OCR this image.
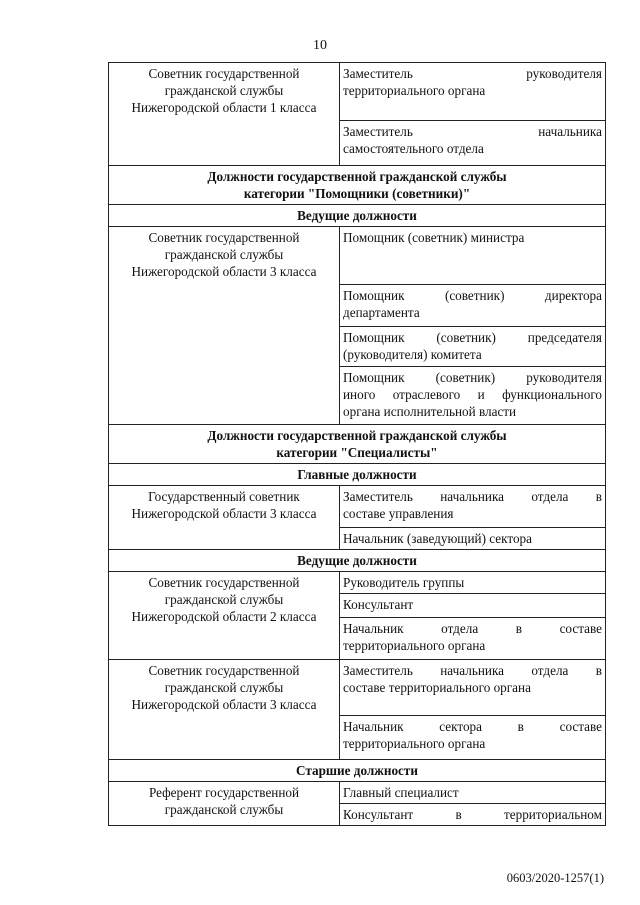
10
Советник государственной
гражданской службы
Нижегородской области 1 класса	Заместитель руководителя
территориального органа

	Заместитель начальника
самостоятельного отдела

Должности государственной гражданской службы
категории "Помощники (советники)"	
Ведущие должности	
Советник государственной
гражданской службы
Нижегородской области 3 класса	Помощник (советник) министра

	Помощник (советник) директора
департамента

	Помощник (советник) председателя
(руководителя) комитета

	Помощник (советник) руководителя
иного отраслевого и функционального
органа исполнительной власти

Должности государственной гражданской службы
категории "Специалисты"	
Главные должности	
Государственный советник
Нижегородской области 3 класса	Заместитель начальника отдела в
составе управления

	Начальник (заведующий) сектора

Ведущие должности	
Советник государственной
гражданской службы
Нижегородской области 2 класса	Руководитель группы

	Консультант

	Начальник отдела в составе
территориального органа

Советник государственной
гражданской службы
Нижегородской области 3 класса	Заместитель начальника отдела в
составе территориального органа

	Начальник сектора в составе
территориального органа

Старшие должности	
Референт государственной
гражданской службы	Главный специалист

	Консультант в территориальном
0603/2020-1257(1)
